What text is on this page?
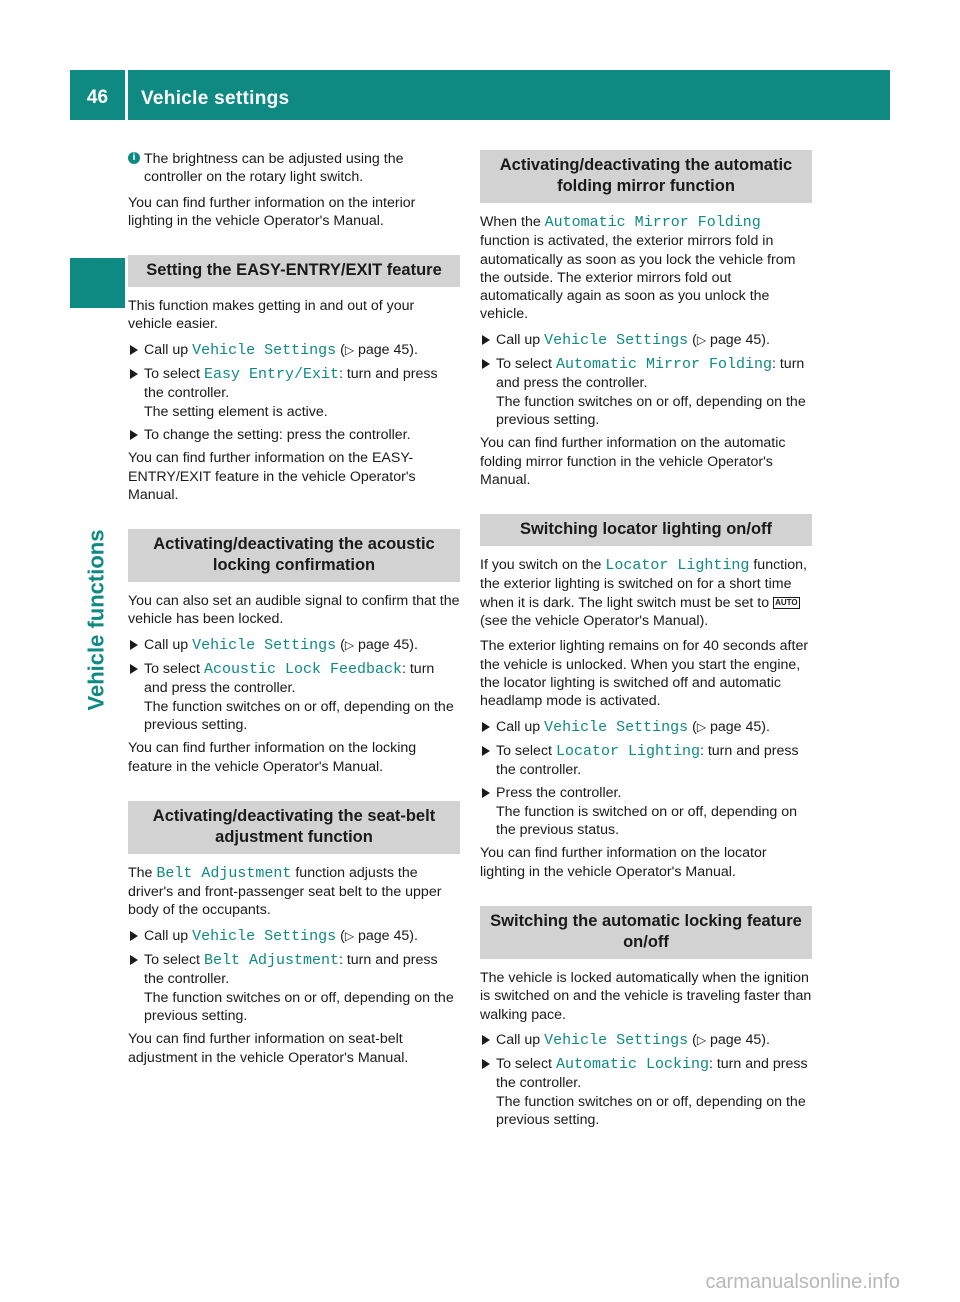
46	Vehicle settings
Vehicle functions
i The brightness can be adjusted using the controller on the rotary light switch.

You can find further information on the interior lighting in the vehicle Operator's Manual.

Setting the EASY-ENTRY/EXIT feature

This function makes getting in and out of your vehicle easier.

Call up Vehicle Settings (▷ page 45).
To select Easy Entry/Exit: turn and press the controller.
The setting element is active.
To change the setting: press the controller.

You can find further information on the EASY-ENTRY/EXIT feature in the vehicle Operator's Manual.

Activating/deactivating the acoustic locking confirmation

You can also set an audible signal to confirm that the vehicle has been locked.

Call up Vehicle Settings (▷ page 45).
To select Acoustic Lock Feedback: turn and press the controller.
The function switches on or off, depending on the previous setting.

You can find further information on the locking feature in the vehicle Operator's Manual.

Activating/deactivating the seat-belt adjustment function

The Belt Adjustment function adjusts the driver's and front-passenger seat belt to the upper body of the occupants.

Call up Vehicle Settings (▷ page 45).
To select Belt Adjustment: turn and press the controller.
The function switches on or off, depending on the previous setting.

You can find further information on seat-belt adjustment in the vehicle Operator's Manual.

Activating/deactivating the automatic folding mirror function

When the Automatic Mirror Folding function is activated, the exterior mirrors fold in automatically as soon as you lock the vehicle from the outside. The exterior mirrors fold out automatically again as soon as you unlock the vehicle.

Call up Vehicle Settings (▷ page 45).
To select Automatic Mirror Folding: turn and press the controller.
The function switches on or off, depending on the previous setting.

You can find further information on the automatic folding mirror function in the vehicle Operator's Manual.

Switching locator lighting on/off

If you switch on the Locator Lighting function, the exterior lighting is switched on for a short time when it is dark. The light switch must be set to AUTO (see the vehicle Operator's Manual).

The exterior lighting remains on for 40 seconds after the vehicle is unlocked. When you start the engine, the locator lighting is switched off and automatic headlamp mode is activated.

Call up Vehicle Settings (▷ page 45).
To select Locator Lighting: turn and press the controller.
Press the controller.
The function is switched on or off, depending on the previous status.

You can find further information on the locator lighting in the vehicle Operator's Manual.

Switching the automatic locking feature on/off

The vehicle is locked automatically when the ignition is switched on and the vehicle is traveling faster than walking pace.

Call up Vehicle Settings (▷ page 45).
To select Automatic Locking: turn and press the controller.
The function switches on or off, depending on the previous setting.
carmanualsonline.info
